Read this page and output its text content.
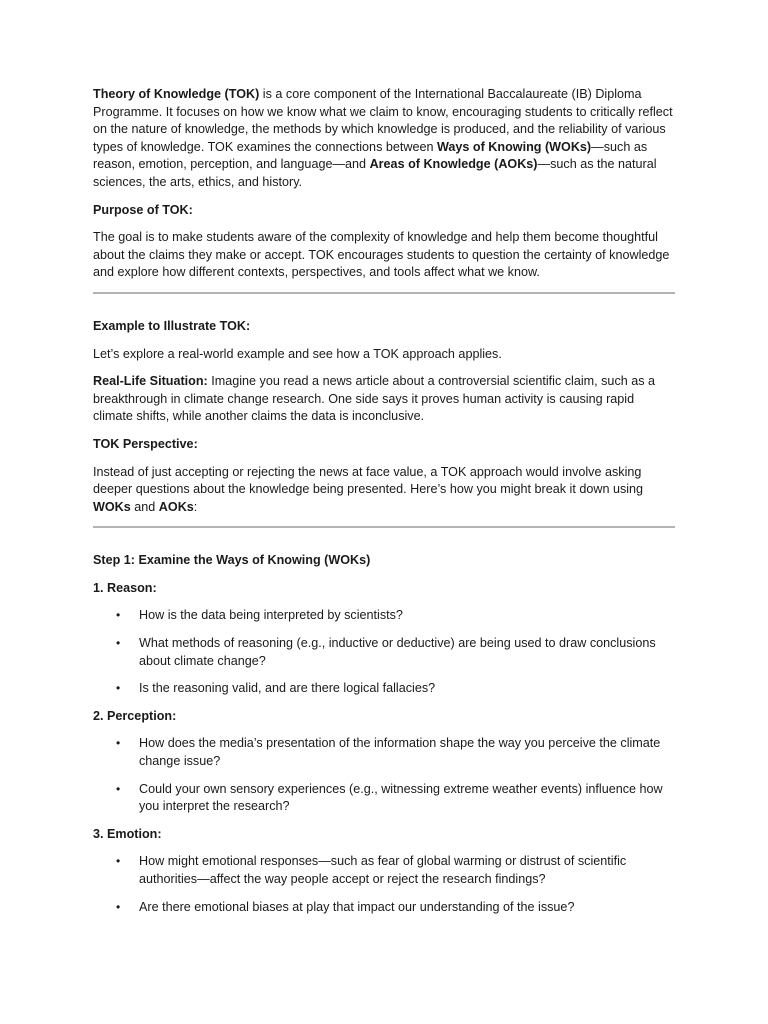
Theory of Knowledge (TOK) is a core component of the International Baccalaureate (IB) Diploma Programme. It focuses on how we know what we claim to know, encouraging students to critically reflect on the nature of knowledge, the methods by which knowledge is produced, and the reliability of various types of knowledge. TOK examines the connections between Ways of Knowing (WOKs)—such as reason, emotion, perception, and language—and Areas of Knowledge (AOKs)—such as the natural sciences, the arts, ethics, and history.

Purpose of TOK:

The goal is to make students aware of the complexity of knowledge and help them become thoughtful about the claims they make or accept. TOK encourages students to question the certainty of knowledge and explore how different contexts, perspectives, and tools affect what we know.

Example to Illustrate TOK:

Let’s explore a real-world example and see how a TOK approach applies.

Real-Life Situation: Imagine you read a news article about a controversial scientific claim, such as a breakthrough in climate change research. One side says it proves human activity is causing rapid climate shifts, while another claims the data is inconclusive.

TOK Perspective:

Instead of just accepting or rejecting the news at face value, a TOK approach would involve asking deeper questions about the knowledge being presented. Here’s how you might break it down using WOKs and AOKs:

Step 1: Examine the Ways of Knowing (WOKs)

1. Reason:

• How is the data being interpreted by scientists?
• What methods of reasoning (e.g., inductive or deductive) are being used to draw conclusions about climate change?
• Is the reasoning valid, and are there logical fallacies?

2. Perception:

• How does the media’s presentation of the information shape the way you perceive the climate change issue?
• Could your own sensory experiences (e.g., witnessing extreme weather events) influence how you interpret the research?

3. Emotion:

• How might emotional responses—such as fear of global warming or distrust of scientific authorities—affect the way people accept or reject the research findings?
• Are there emotional biases at play that impact our understanding of the issue?
